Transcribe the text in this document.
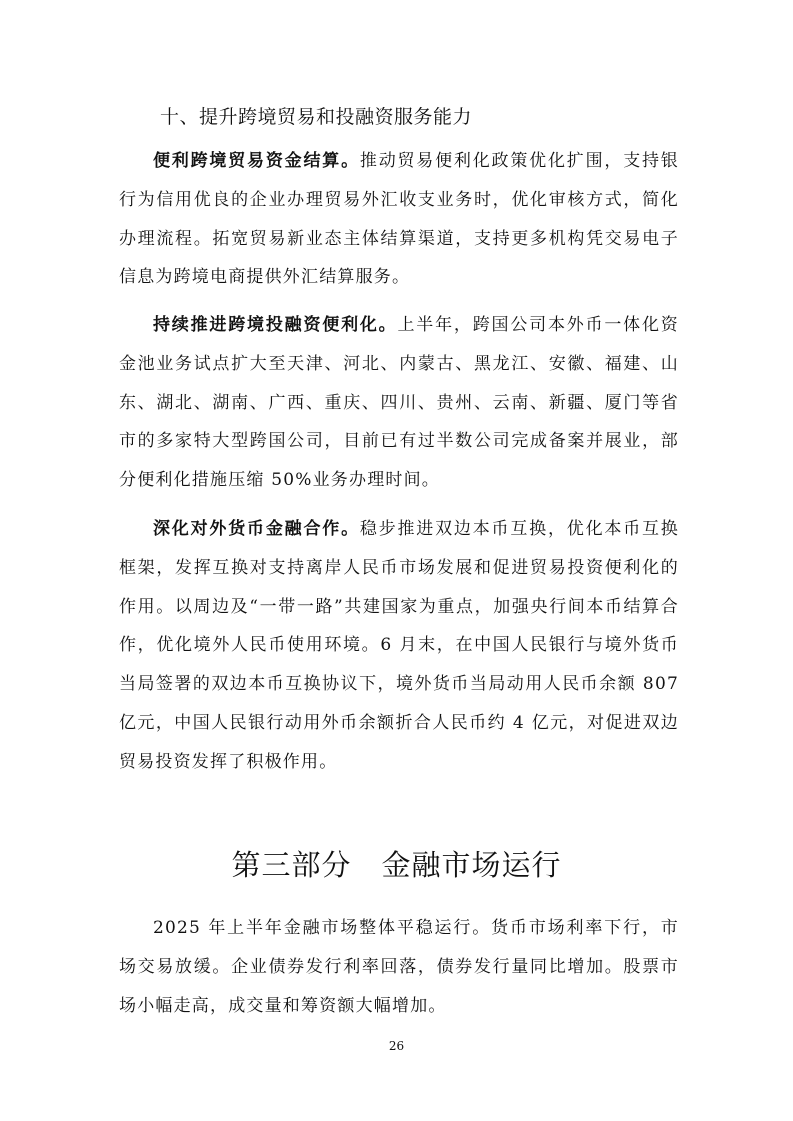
十、提升跨境贸易和投融资服务能力

便利跨境贸易资金结算。推动贸易便利化政策优化扩围，支持银行为信用优良的企业办理贸易外汇收支业务时，优化审核方式，简化办理流程。拓宽贸易新业态主体结算渠道，支持更多机构凭交易电子信息为跨境电商提供外汇结算服务。

持续推进跨境投融资便利化。上半年，跨国公司本外币一体化资金池业务试点扩大至天津、河北、内蒙古、黑龙江、安徽、福建、山东、湖北、湖南、广西、重庆、四川、贵州、云南、新疆、厦门等省市的多家特大型跨国公司，目前已有过半数公司完成备案并展业，部分便利化措施压缩 50%业务办理时间。

深化对外货币金融合作。稳步推进双边本币互换，优化本币互换框架，发挥互换对支持离岸人民币市场发展和促进贸易投资便利化的作用。以周边及“一带一路”共建国家为重点，加强央行间本币结算合作，优化境外人民币使用环境。6 月末，在中国人民银行与境外货币当局签署的双边本币互换协议下，境外货币当局动用人民币余额 807 亿元，中国人民银行动用外币余额折合人民币约 4 亿元，对促进双边贸易投资发挥了积极作用。

第三部分 金融市场运行

2025 年上半年金融市场整体平稳运行。货币市场利率下行，市场交易放缓。企业债券发行利率回落，债券发行量同比增加。股票市场小幅走高，成交量和筹资额大幅增加。

26
